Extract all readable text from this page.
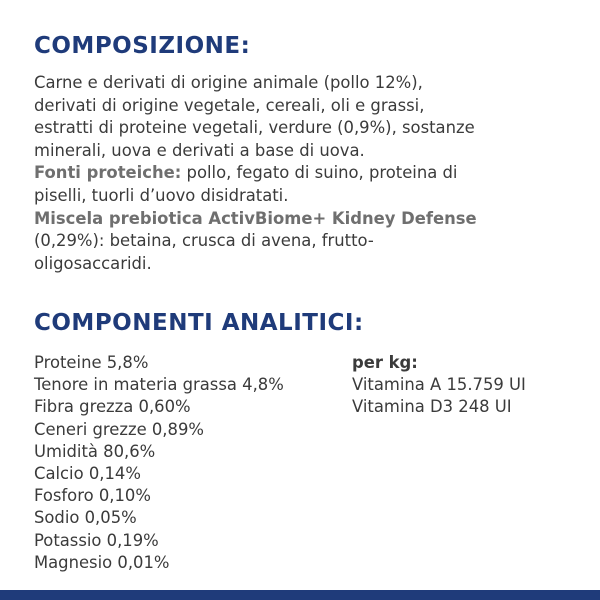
COMPOSIZIONE:

Carne e derivati di origine animale (pollo 12%),
derivati di origine vegetale, cereali, oli e grassi,
estratti di proteine vegetali, verdure (0,9%), sostanze
minerali, uova e derivati a base di uova.
Fonti proteiche: pollo, fegato di suino, proteina di
piselli, tuorli d’uovo disidratati.
Miscela prebiotica ActivBiome+ Kidney Defense
(0,29%): betaina, crusca di avena, frutto-
oligosaccaridi.

COMPONENTI ANALITICI:
Proteine 5,8%
Tenore in materia grassa 4,8%
Fibra grezza 0,60%
Ceneri grezze 0,89%
Umidità 80,6%
Calcio 0,14%
Fosforo 0,10%
Sodio 0,05%
Potassio 0,19%
Magnesio 0,01%
per kg:
Vitamina A 15.759 UI
Vitamina D3 248 UI
